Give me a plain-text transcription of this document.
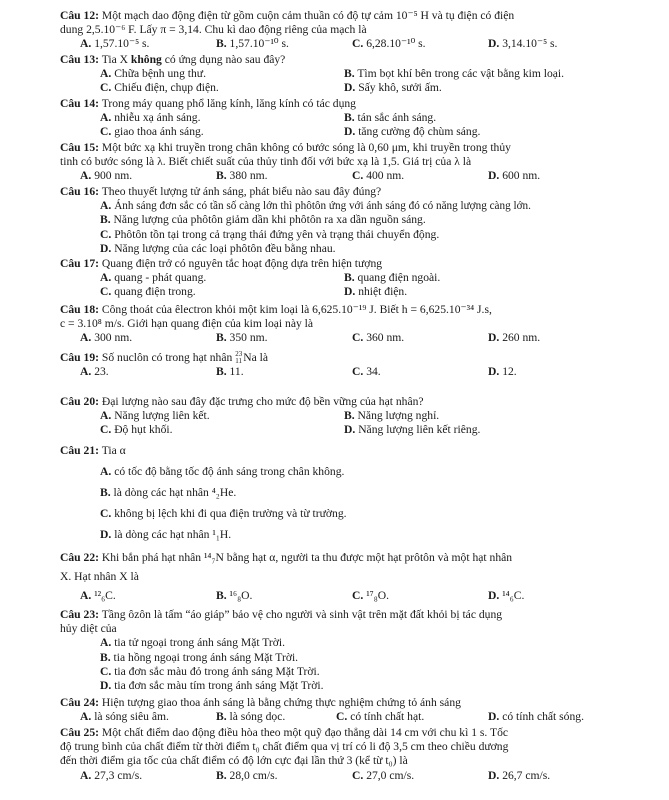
Câu 12: Một mạch dao động điện từ gồm cuộn cảm thuần có độ tự cảm 10⁻⁵ H và tụ điện có điện

dung 2,5.10⁻⁶ F. Lấy π = 3,14. Chu kì dao động riêng của mạch là

A. 1,57.10⁻⁵ s.	B. 1,57.10⁻¹⁰ s.	C. 6,28.10⁻¹⁰ s.	D. 3,14.10⁻⁵ s.

Câu 13: Tia X không có ứng dụng nào sau đây?

A. Chữa bệnh ung thư.	B. Tìm bọt khí bên trong các vật bằng kim loại.
C. Chiếu điện, chụp điện.	D. Sấy khô, sưởi ấm.

Câu 14: Trong máy quang phổ lăng kính, lăng kính có tác dụng

A. nhiễu xạ ánh sáng.	B. tán sắc ánh sáng.
C. giao thoa ánh sáng.	D. tăng cường độ chùm sáng.

Câu 15: Một bức xạ khi truyền trong chân không có bước sóng là 0,60 μm, khi truyền trong thủy

tinh có bước sóng là λ. Biết chiết suất của thủy tinh đối với bức xạ là 1,5. Giá trị của λ là

A. 900 nm.	B. 380 nm.	C. 400 nm.	D. 600 nm.

Câu 16: Theo thuyết lượng tử ánh sáng, phát biểu nào sau đây đúng?

A. Ánh sáng đơn sắc có tần số càng lớn thì phôtôn ứng với ánh sáng đó có năng lượng càng lớn.

B. Năng lượng của phôtôn giảm dần khi phôtôn ra xa dần nguồn sáng.

C. Phôtôn tồn tại trong cả trạng thái đứng yên và trạng thái chuyển động.

D. Năng lượng của các loại phôtôn đều bằng nhau.

Câu 17: Quang điện trở có nguyên tắc hoạt động dựa trên hiện tượng

A. quang - phát quang.	B. quang điện ngoài.
C. quang điện trong.	D. nhiệt điện.

Câu 18: Công thoát của êlectron khỏi một kim loại là 6,625.10⁻¹⁹ J. Biết h = 6,625.10⁻³⁴ J.s,

c = 3.10⁸ m/s. Giới hạn quang điện của kim loại này là

A. 300 nm.	B. 350 nm.	C. 360 nm.	D. 260 nm.

Câu 19: Số nuclôn có trong hạt nhân 23
11 Na là

A. 23.	B. 11.	C. 34.	D. 12.

Câu 20: Đại lượng nào sau đây đặc trưng cho mức độ bền vững của hạt nhân?

A. Năng lượng liên kết.	B. Năng lượng nghỉ.
C. Độ hụt khối.	D. Năng lượng liên kết riêng.

Câu 21: Tia α

A. có tốc độ bằng tốc độ ánh sáng trong chân không.

B. là dòng các hạt nhân ⁴₂He.

C. không bị lệch khi đi qua điện trường và từ trường.

D. là dòng các hạt nhân ¹₁H.

Câu 22: Khi bắn phá hạt nhân ¹⁴₇N bằng hạt α, người ta thu được một hạt prôtôn và một hạt nhân

X. Hạt nhân X là

A. ¹²₆C.	B. ¹⁶₈O.	C. ¹⁷₈O.	D. ¹⁴₆C.

Câu 23: Tầng ôzôn là tấm “áo giáp” bảo vệ cho người và sinh vật trên mặt đất khỏi bị tác dụng

hủy diệt của

A. tia tử ngoại trong ánh sáng Mặt Trời.

B. tia hồng ngoại trong ánh sáng Mặt Trời.

C. tia đơn sắc màu đỏ trong ánh sáng Mặt Trời.

D. tia đơn sắc màu tím trong ánh sáng Mặt Trời.

Câu 24: Hiện tượng giao thoa ánh sáng là bằng chứng thực nghiệm chứng tỏ ánh sáng

A. là sóng siêu âm.	B. là sóng dọc.	C. có tính chất hạt.	D. có tính chất sóng.

Câu 25: Một chất điểm dao động điều hòa theo một quỹ đạo thẳng dài 14 cm với chu kì 1 s. Tốc

độ trung bình của chất điểm từ thời điểm t₀ chất điểm qua vị trí có li độ 3,5 cm theo chiều dương

đến thời điểm gia tốc của chất điểm có độ lớn cực đại lần thứ 3 (kể từ t₀) là

A. 27,3 cm/s.	B. 28,0 cm/s.	C. 27,0 cm/s.	D. 26,7 cm/s.
